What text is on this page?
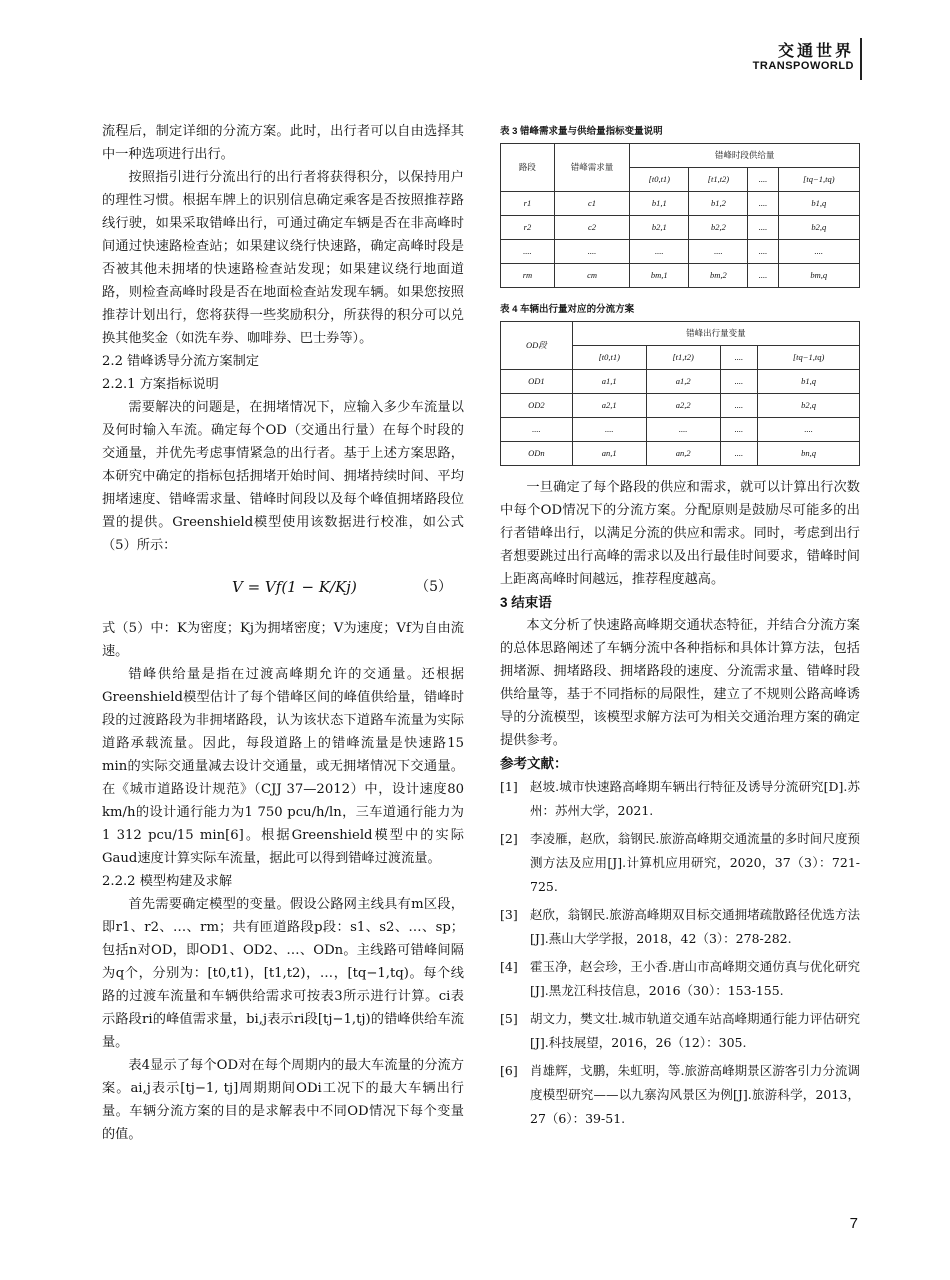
交通世界
TRANSPOWORLD

流程后，制定详细的分流方案。此时，出行者可以自由选择其中一种选项进行出行。

按照指引进行分流出行的出行者将获得积分，以保持用户的理性习惯。根据车牌上的识别信息确定乘客是否按照推荐路线行驶，如果采取错峰出行，可通过确定车辆是否在非高峰时间通过快速路检查站；如果建议绕行快速路，确定高峰时段是否被其他未拥堵的快速路检查站发现；如果建议绕行地面道路，则检查高峰时段是否在地面检查站发现车辆。如果您按照推荐计划出行，您将获得一些奖励积分，所获得的积分可以兑换其他奖金（如洗车券、咖啡券、巴士券等）。

2.2 错峰诱导分流方案制定

2.2.1 方案指标说明

需要解决的问题是，在拥堵情况下，应输入多少车流量以及何时输入车流。确定每个OD（交通出行量）在每个时段的交通量，并优先考虑事情紧急的出行者。基于上述方案思路，本研究中确定的指标包括拥堵开始时间、拥堵持续时间、平均拥堵速度、错峰需求量、错峰时间段以及每个峰值拥堵路段位置的提供。Greenshield模型使用该数据进行校准，如公式（5）所示：

V = Vf(1 − K/Kj)	（5）

式（5）中：K为密度；Kj为拥堵密度；V为速度；Vf为自由流速。

错峰供给量是指在过渡高峰期允许的交通量。还根据Greenshield模型估计了每个错峰区间的峰值供给量，错峰时段的过渡路段为非拥堵路段，认为该状态下道路车流量为实际道路承载流量。因此，每段道路上的错峰流量是快速路15 min的实际交通量减去设计交通量，或无拥堵情况下交通量。在《城市道路设计规范》（CJJ 37—2012）中，设计速度80 km/h的设计通行能力为1 750 pcu/h/ln，三车道通行能力为1 312 pcu/15 min[6]。根据Greenshield模型中的实际Gaud速度计算实际车流量，据此可以得到错峰过渡流量。

2.2.2 模型构建及求解

首先需要确定模型的变量。假设公路网主线具有m区段，即r1、r2、…、rm；共有匝道路段p段：s1、s2、…、sp；包括n对OD，即OD1、OD2、…、ODn。主线路可错峰间隔为q个，分别为：[t0,t1)，[t1,t2)，…，[tq−1,tq)。每个线路的过渡车流量和车辆供给需求可按表3所示进行计算。ci表示路段ri的峰值需求量，bi,j表示ri段[tj−1,tj)的错峰供给车流量。

表4显示了每个OD对在每个周期内的最大车流量的分流方案。ai,j表示[tj−1, tj]周期期间ODi工况下的最大车辆出行量。车辆分流方案的目的是求解表中不同OD情况下每个变量的值。

表 3 错峰需求量与供给量指标变量说明

路段	错峰需求量	错峰时段供给量			
		[t0,t1)	[t1,t2)	....	[tq−1,tq)
r1	c1	b1,1	b1,2	....	b1,q
r2	c2	b2,1	b2,2	....	b2,q
....	....	....	....	....	....
rm	cm	bm,1	bm,2	....	bm,q

表 4 车辆出行量对应的分流方案

OD段	错峰出行量变量			
	[t0,t1)	[t1,t2)	....	[tq−1,tq)
OD1	a1,1	a1,2	....	b1,q
OD2	a2,1	a2,2	....	b2,q
....	....	....	....	....
ODn	an,1	an,2	....	bn,q

一旦确定了每个路段的供应和需求，就可以计算出行次数中每个OD情况下的分流方案。分配原则是鼓励尽可能多的出行者错峰出行，以满足分流的供应和需求。同时，考虑到出行者想要跳过出行高峰的需求以及出行最佳时间要求，错峰时间上距离高峰时间越远，推荐程度越高。

3 结束语

本文分析了快速路高峰期交通状态特征，并结合分流方案的总体思路阐述了车辆分流中各种指标和具体计算方法，包括拥堵源、拥堵路段、拥堵路段的速度、分流需求量、错峰时段供给量等，基于不同指标的局限性，建立了不规则公路高峰诱导的分流模型，该模型求解方法可为相关交通治理方案的确定提供参考。

参考文献：

[1] 赵坡.城市快速路高峰期车辆出行特征及诱导分流研究[D].苏州：苏州大学，2021.
[2] 李凌雁，赵欣，翁钢民.旅游高峰期交通流量的多时间尺度预测方法及应用[J].计算机应用研究，2020，37（3）：721-725.
[3] 赵欣，翁钢民.旅游高峰期双目标交通拥堵疏散路径优选方法[J].燕山大学学报，2018，42（3）：278-282.
[4] 霍玉净，赵会珍，王小香.唐山市高峰期交通仿真与优化研究[J].黑龙江科技信息，2016（30）：153-155.
[5] 胡文力，樊文壮.城市轨道交通车站高峰期通行能力评估研究[J].科技展望，2016，26（12）：305.
[6] 肖雄辉，戈鹏，朱虹明，等.旅游高峰期景区游客引力分流调度模型研究——以九寨沟风景区为例[J].旅游科学，2013，27（6）：39-51.
7
